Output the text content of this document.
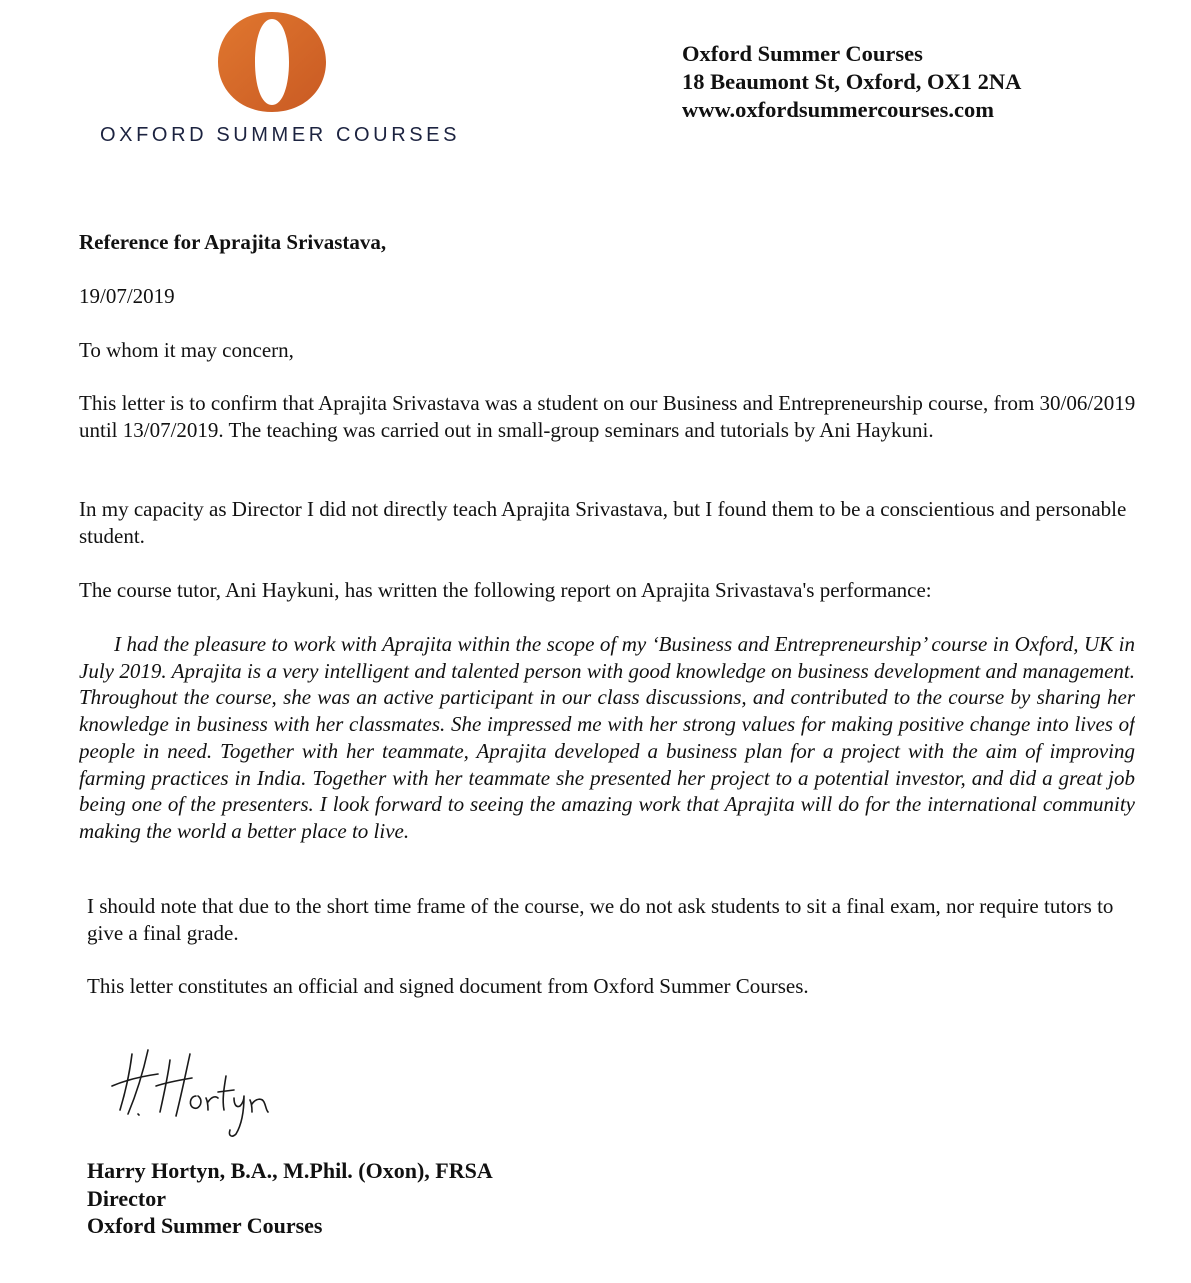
OXFORD SUMMER COURSES
Oxford Summer Courses
18 Beaumont St, Oxford, OX1 2NA
www.oxfordsummercourses.com
Reference for Aprajita Srivastava,
19/07/2019
To whom it may concern,
This letter is to confirm that Aprajita Srivastava was a student on our Business and Entrepreneurship course, from 30/06/2019 until 13/07/2019. The teaching was carried out in small-group seminars and tutorials by Ani Haykuni.
In my capacity as Director I did not directly teach Aprajita Srivastava, but I found them to be a conscientious and personable student.
The course tutor, Ani Haykuni, has written the following report on Aprajita Srivastava's performance:
I had the pleasure to work with Aprajita within the scope of my ‘Business and Entrepreneurship’ course in Oxford, UK in July 2019. Aprajita is a very intelligent and talented person with good knowledge on business development and management. Throughout the course, she was an active participant in our class discussions, and contributed to the course by sharing her knowledge in business with her classmates. She impressed me with her strong values for making positive change into lives of people in need. Together with her teammate, Aprajita developed a business plan for a project with the aim of improving farming practices in India. Together with her teammate she presented her project to a potential investor, and did a great job being one of the presenters. I look forward to seeing the amazing work that Aprajita will do for the international community making the world a better place to live.
I should note that due to the short time frame of the course, we do not ask students to sit a final exam, nor require tutors to give a final grade.
This letter constitutes an official and signed document from Oxford Summer Courses.
Harry Hortyn, B.A., M.Phil. (Oxon), FRSA
Director
Oxford Summer Courses
